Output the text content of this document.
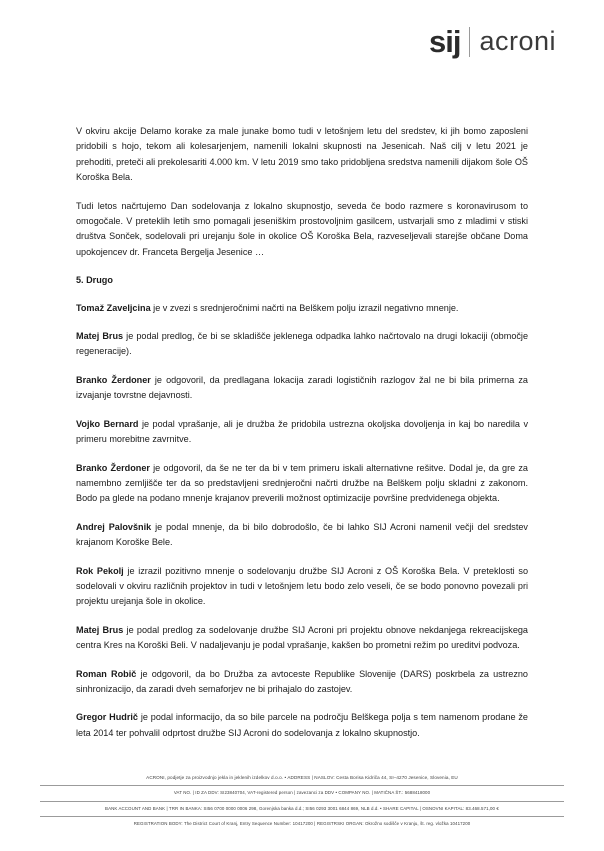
sij acroni

V okviru akcije Delamo korake za male junake bomo tudi v letošnjem letu del sredstev, ki jih bomo zaposleni pridobili s hojo, tekom ali kolesarjenjem, namenili lokalni skupnosti na Jesenicah. Naš cilj v letu 2021 je prehoditi, preteči ali prekolesariti 4.000 km. V letu 2019 smo tako pridobljena sredstva namenili dijakom šole OŠ Koroška Bela.

Tudi letos načrtujemo Dan sodelovanja z lokalno skupnostjo, seveda če bodo razmere s koronavirusom to omogočale. V preteklih letih smo pomagali jeseniškim prostovoljnim gasilcem, ustvarjali smo z mladimi v stiski društva Sonček, sodelovali pri urejanju šole in okolice OŠ Koroška Bela, razveseljevali starejše občane Doma upokojencev dr. Franceta Bergelja Jesenice …

5. Drugo

Tomaž Zaveljcina je v zvezi s srednjeročnimi načrti na Belškem polju izrazil negativno mnenje.

Matej Brus je podal predlog, če bi se skladišče jeklenega odpadka lahko načrtovalo na drugi lokaciji (območje regeneracije).

Branko Žerdoner je odgovoril, da predlagana lokacija zaradi logističnih razlogov žal ne bi bila primerna za izvajanje tovrstne dejavnosti.

Vojko Bernard je podal vprašanje, ali je družba že pridobila ustrezna okoljska dovoljenja in kaj bo naredila v primeru morebitne zavrnitve.

Branko Žerdoner je odgovoril, da še ne ter da bi v tem primeru iskali alternativne rešitve. Dodal je, da gre za namembno zemljišče ter da so predstavljeni srednjeročni načrti družbe na Belškem polju skladni z zakonom. Bodo pa glede na podano mnenje krajanov preverili možnost optimizacije površine predvidenega objekta.

Andrej Palovšnik je podal mnenje, da bi bilo dobrodošlo, če bi lahko SIJ Acroni namenil večji del sredstev krajanom Koroške Bele.

Rok Pekolj je izrazil pozitivno mnenje o sodelovanju družbe SIJ Acroni z OŠ Koroška Bela. V preteklosti so sodelovali v okviru različnih projektov in tudi v letošnjem letu bodo zelo veseli, če se bodo ponovno povezali pri projektu urejanja šole in okolice.

Matej Brus je podal predlog za sodelovanje družbe SIJ Acroni pri projektu obnove nekdanjega rekreacijskega centra Kres na Koroški Beli. V nadaljevanju je podal vprašanje, kakšen bo prometni režim po ureditvi podvoza.

Roman Robič je odgovoril, da bo Družba za avtoceste Republike Slovenije (DARS) poskrbela za ustrezno sinhronizacijo, da zaradi dveh semaforjev ne bi prihajalo do zastojev.

Gregor Hudrič je podal informacijo, da so bile parcele na področju Belškega polja s tem namenom prodane že leta 2014 ter pohvalil odprtost družbe SIJ Acroni do sodelovanja z lokalno skupnostjo.

ACRONI, podjetje za proizvodnjo jekla in jeklenih izdelkov d.o.o. • ADDRESS | NASLOV: Cesta Borisa Kidriča 44, SI–4270 Jesenice, Slovenia, EU
VAT NO. | ID ZA DDV: SI23840704, VAT-registered person | zavezanci za DDV • COMPANY NO. | MATIČNA ŠT.: 5688418000
BANK ACCOUNT AND BANK | TRR IN BANKA: SI56 0700 0000 0006 298, Gorenjska banka d.d.; SI56 0293 3001 6844 869, NLB d.d. • SHARE CAPITAL | OSNOVNI KAPITAL: 83.468.571,00 €
REGISTRATION BODY: The District Court of Kranj, Entry Sequence Number: 10417200 | REGISTRSKI ORGAN: Okrožno sodišče v Kranju, št. reg. vložka 10417200
